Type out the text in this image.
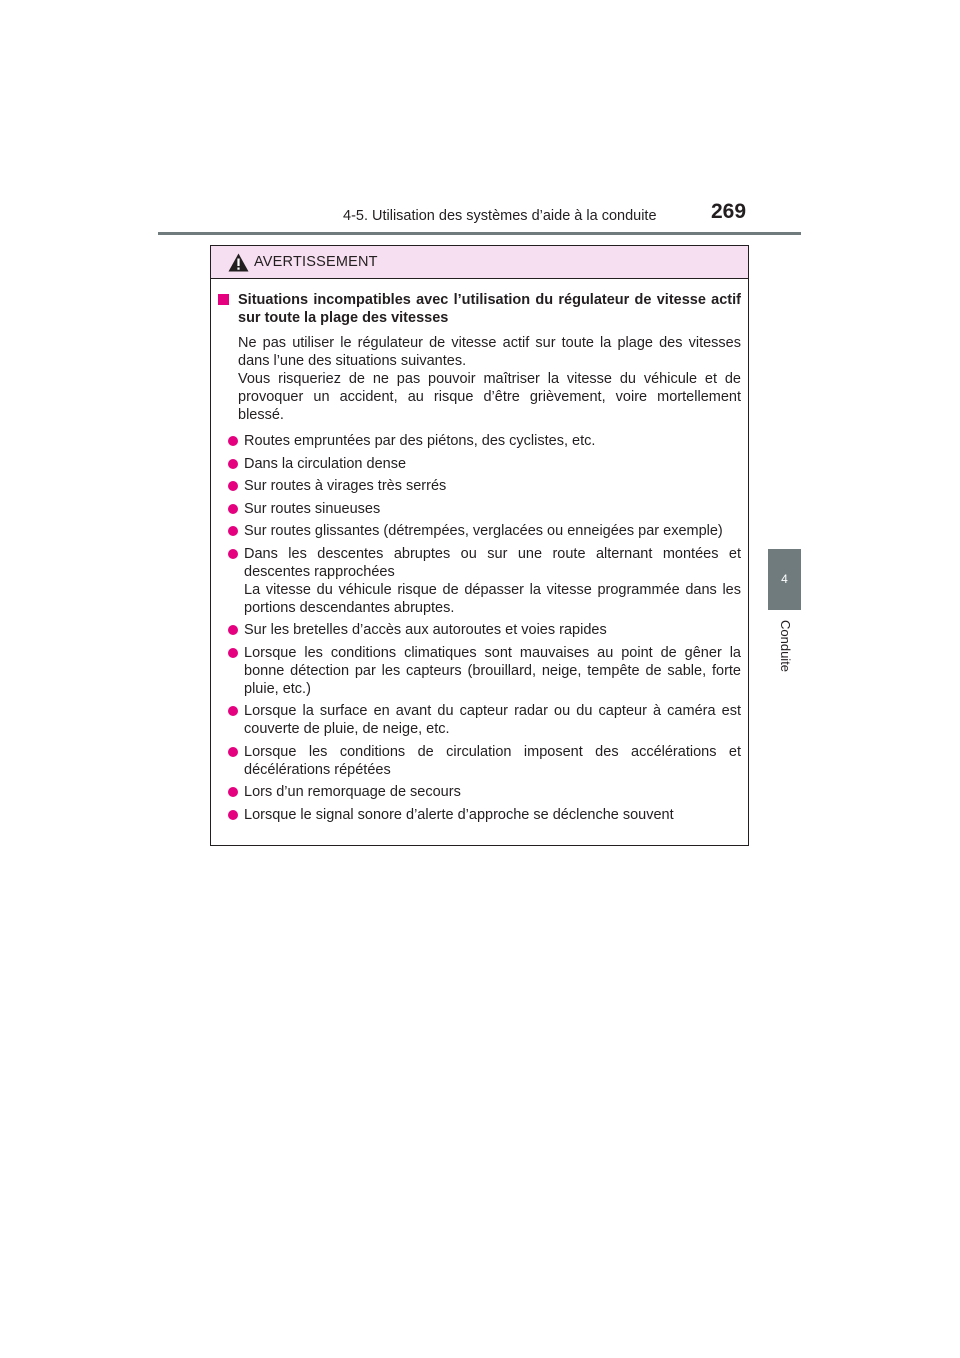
4-5. Utilisation des systèmes d’aide à la conduite	269
4
Conduite
AVERTISSEMENT
Situations incompatibles avec l’utilisation du régulateur de vitesse actif sur toute la plage des vitesses

Ne pas utiliser le régulateur de vitesse actif sur toute la plage des vitesses dans l’une des situations suivantes.

Vous risqueriez de ne pas pouvoir maîtriser la vitesse du véhicule et de provoquer un accident, au risque d’être grièvement, voire mortellement blessé.

Routes empruntées par des piétons, des cyclistes, etc.
Dans la circulation dense
Sur routes à virages très serrés
Sur routes sinueuses
Sur routes glissantes (détrempées, verglacées ou enneigées par exemple)
Dans les descentes abruptes ou sur une route alternant montées et descentes rapprochées
La vitesse du véhicule risque de dépasser la vitesse programmée dans les portions descendantes abruptes.
Sur les bretelles d’accès aux autoroutes et voies rapides
Lorsque les conditions climatiques sont mauvaises au point de gêner la bonne détection par les capteurs (brouillard, neige, tempête de sable, forte pluie, etc.)
Lorsque la surface en avant du capteur radar ou du capteur à caméra est couverte de pluie, de neige, etc.
Lorsque les conditions de circulation imposent des accélérations et décélérations répétées
Lors d’un remorquage de secours
Lorsque le signal sonore d’alerte d’approche se déclenche souvent
